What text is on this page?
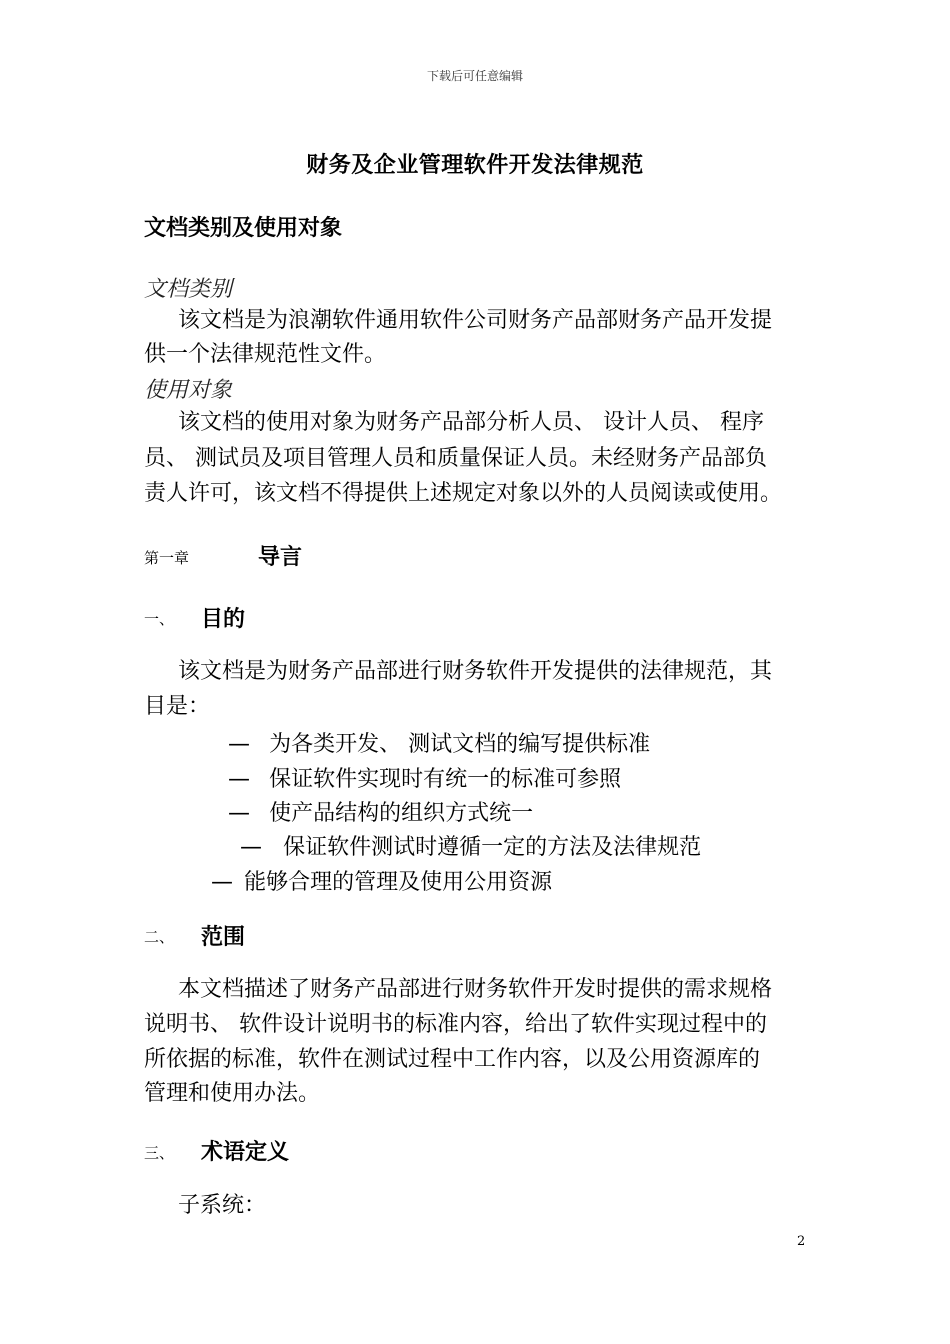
下载后可任意编辑
财务及企业管理软件开发法律规范
文档类别及使用对象
文档类别
该文档是为浪潮软件通用软件公司财务产品部财务产品开发提
供一个法律规范性文件。
使用对象
该文档的使用对象为财务产品部分析人员、 设计人员、 程序
员、 测试员及项目管理人员和质量保证人员。未经财务产品部负
责人许可，该文档不得提供上述规定对象以外的人员阅读或使用。
第一章	导言
一、 目的
该文档是为财务产品部进行财务软件开发提供的法律规范，其
目是：
— 为各类开发、 测试文档的编写提供标准
— 保证软件实现时有统一的标准可参照
— 使产品结构的组织方式统一
— 保证软件测试时遵循一定的方法及法律规范
— 能够合理的管理及使用公用资源
二、 范围
本文档描述了财务产品部进行财务软件开发时提供的需求规格
说明书、 软件设计说明书的标准内容，给出了软件实现过程中的
所依据的标准，软件在测试过程中工作内容，以及公用资源库的
管理和使用办法。
三、 术语定义
子系统：
2
